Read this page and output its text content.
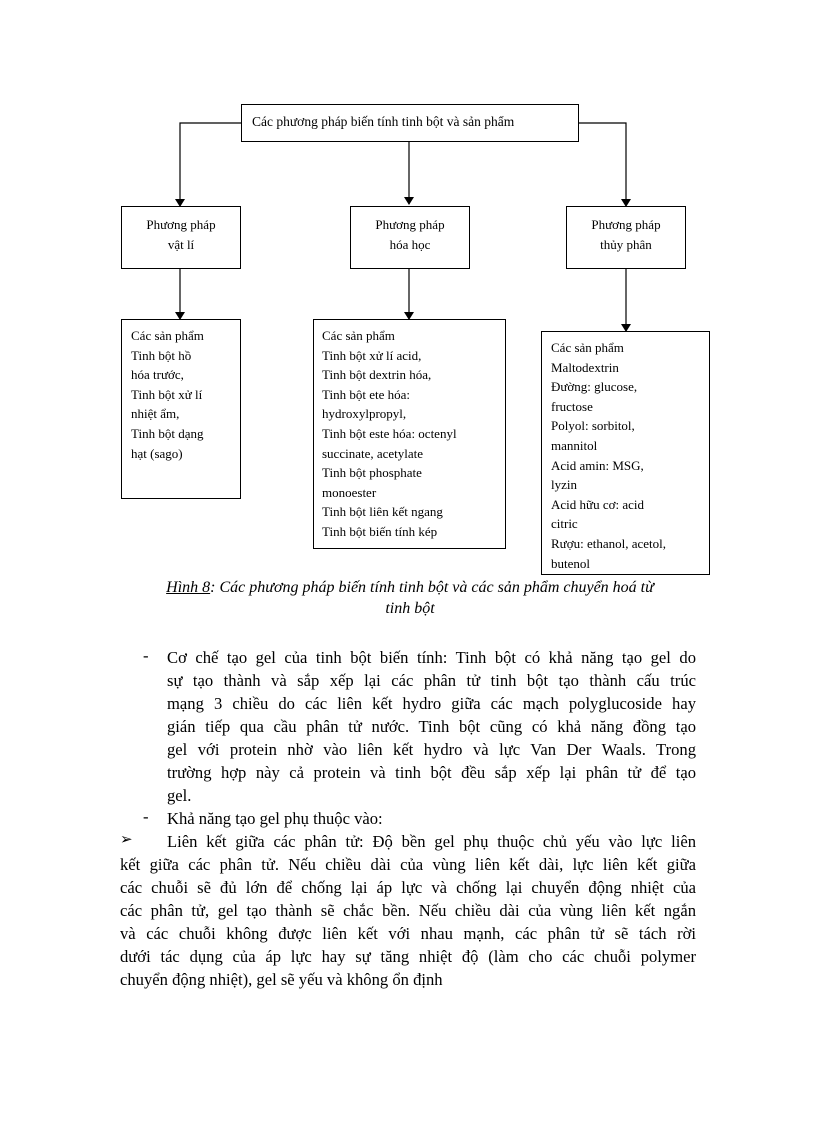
Các phương pháp biến tính tinh bột và sản phẩm
Phương pháp
vật lí
Phương pháp
hóa học
Phương pháp
thủy phân
Các sản phẩm
Tinh bột hồ
hóa trước,
Tinh bột xử lí
nhiệt ẩm,
Tinh bột dạng
hạt (sago)
Các sản phẩm
Tinh bột xử lí acid,
Tinh bột dextrin hóa,
Tinh bột ete hóa:
hydroxylpropyl,
Tinh bột este hóa: octenyl
succinate, acetylate
Tinh bột phosphate
monoester
Tinh bột liên kết ngang
Tinh bột biến tính kép
Các sản phẩm
Maltodextrin
Đường: glucose,
fructose
Polyol: sorbitol,
mannitol
Acid amin: MSG,
lyzin
Acid hữu cơ: acid
citric
Rượu: ethanol, acetol,
butenol
Hình 8: Các phương pháp biến tính tinh bột và các sản phẩm chuyển hoá từ
tinh bột
- Cơ chế tạo gel của tinh bột biến tính: Tinh bột có khả năng tạo gel do
sự tạo thành và sắp xếp lại các phân tử tinh bột tạo thành cấu trúc
mạng 3 chiều do các liên kết hydro giữa các mạch polyglucoside hay
gián tiếp qua cầu phân tử nước. Tinh bột cũng có khả năng đồng tạo
gel với protein nhờ vào liên kết hydro và lực Van Der Waals. Trong
trường hợp này cả protein và tinh bột đều sắp xếp lại phân tử để tạo
gel.
- Khả năng tạo gel phụ thuộc vào:
➢ Liên kết giữa các phân tử: Độ bền gel phụ thuộc chủ yếu vào lực liên
kết giữa các phân tử. Nếu chiều dài của vùng liên kết dài, lực liên kết giữa
các chuỗi sẽ đủ lớn để chống lại áp lực và chống lại chuyển động nhiệt của
các phân tử, gel tạo thành sẽ chắc bền. Nếu chiều dài của vùng liên kết ngắn
và các chuỗi không được liên kết với nhau mạnh, các phân tử sẽ tách rời
dưới tác dụng của áp lực hay sự tăng nhiệt độ (làm cho các chuỗi polymer
chuyển động nhiệt), gel sẽ yếu và không ổn định
